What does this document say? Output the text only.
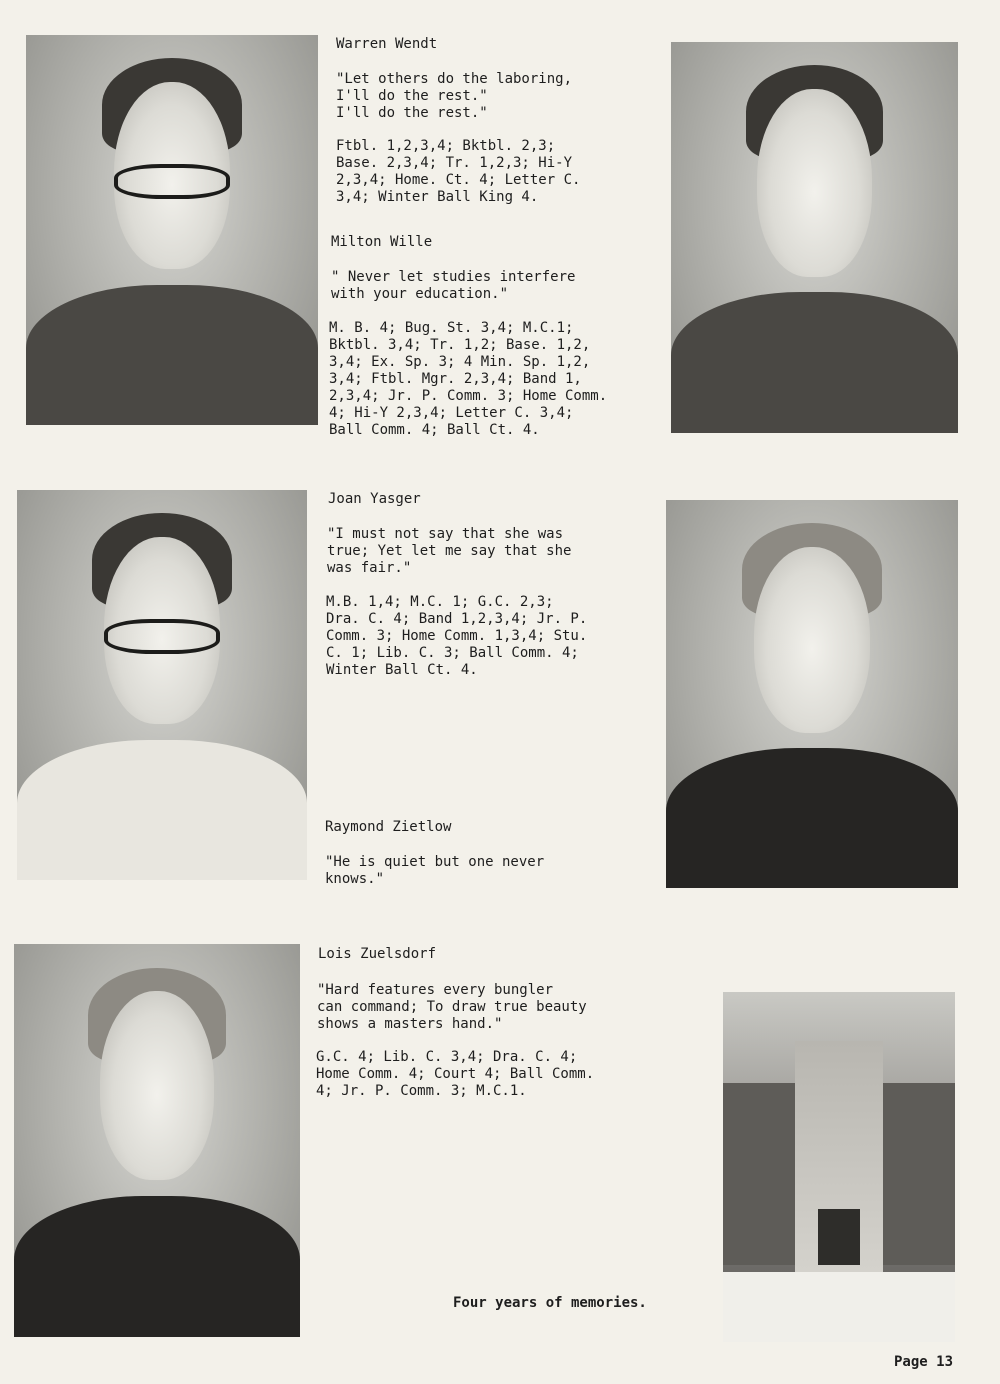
Warren Wendt
"Let others do the laboring,
I'll do the rest."
I'll do the rest."
Ftbl. 1,2,3,4; Bktbl. 2,3;
Base. 2,3,4; Tr. 1,2,3; Hi-Y
2,3,4; Home. Ct. 4; Letter C.
3,4; Winter Ball King 4.
Milton Wille
" Never let studies interfere
with your education."
M. B. 4; Bug. St. 3,4; M.C.1;
Bktbl. 3,4; Tr. 1,2; Base. 1,2,
3,4; Ex. Sp. 3; 4 Min. Sp. 1,2,
3,4; Ftbl. Mgr. 2,3,4; Band 1,
2,3,4; Jr. P. Comm. 3; Home Comm.
4; Hi-Y 2,3,4; Letter C. 3,4;
Ball Comm. 4; Ball Ct. 4.
Joan Yasger
"I must not say that she was
true; Yet let me say that she
was fair."
M.B. 1,4; M.C. 1; G.C. 2,3;
Dra. C. 4; Band 1,2,3,4; Jr. P.
Comm. 3; Home Comm. 1,3,4; Stu.
C. 1; Lib. C. 3; Ball Comm. 4;
Winter Ball Ct. 4.
Raymond Zietlow
"He is quiet but one never
knows."
Lois Zuelsdorf
"Hard features every bungler
can command; To draw true beauty
shows a masters hand."
G.C. 4; Lib. C. 3,4; Dra. C. 4;
Home Comm. 4; Court 4; Ball Comm.
4; Jr. P. Comm. 3; M.C.1.
Four years of memories.
Page 13
